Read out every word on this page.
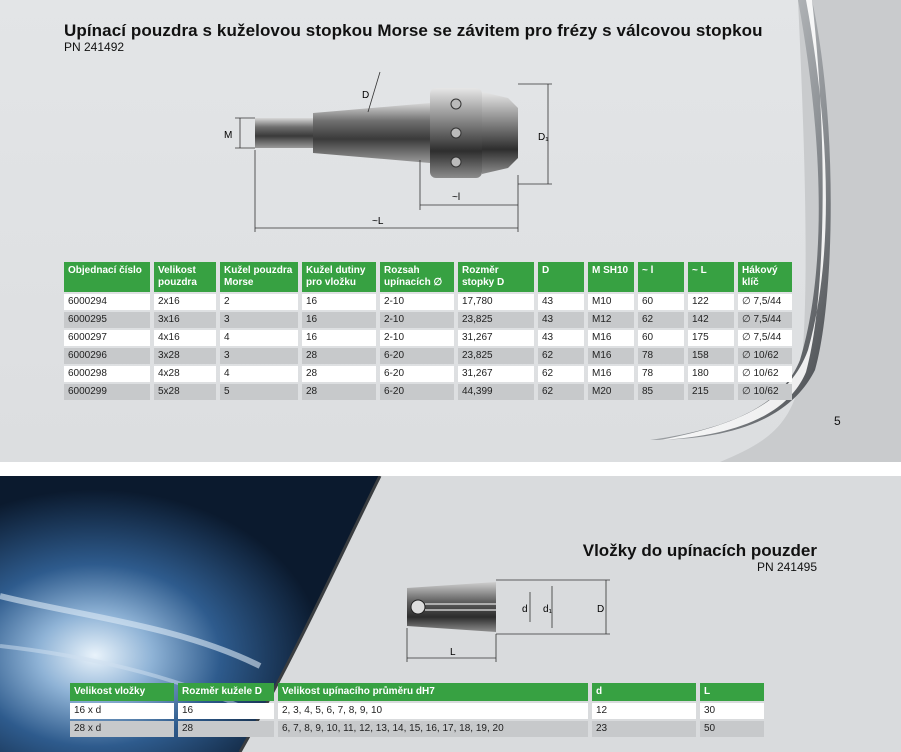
Upínací pouzdra s kuželovou stopkou Morse se závitem pro frézy s válcovou stopkou
PN 241492
M
D
D₁
~l
~L
Objednací číslo	Velikost pouzdra	Kužel pouzdra Morse	Kužel dutiny pro vložku	Rozsah upínacích ∅	Rozměr stopky D	D	M SH10	~ l	~ L	Hákový klíč
6000294	2x16	2	16	2-10	17,780	43	M10	60	122	∅ 7,5/44
6000295	3x16	3	16	2-10	23,825	43	M12	62	142	∅ 7,5/44
6000297	4x16	4	16	2-10	31,267	43	M16	60	175	∅ 7,5/44
6000296	3x28	3	28	6-20	23,825	62	M16	78	158	∅ 10/62
6000298	4x28	4	28	6-20	31,267	62	M16	78	180	∅ 10/62
6000299	5x28	5	28	6-20	44,399	62	M20	85	215	∅ 10/62
5
Vložky do upínacích pouzder
PN 241495
d d₁	D
L
Velikost vložky	Rozměr kužele D	Velikost upínacího průměru dH7	d	L
16 x d	16	2, 3, 4, 5, 6, 7, 8, 9, 10	12	30
28 x d	28	6, 7, 8, 9, 10, 11, 12, 13, 14, 15, 16, 17, 18, 19, 20	23	50
